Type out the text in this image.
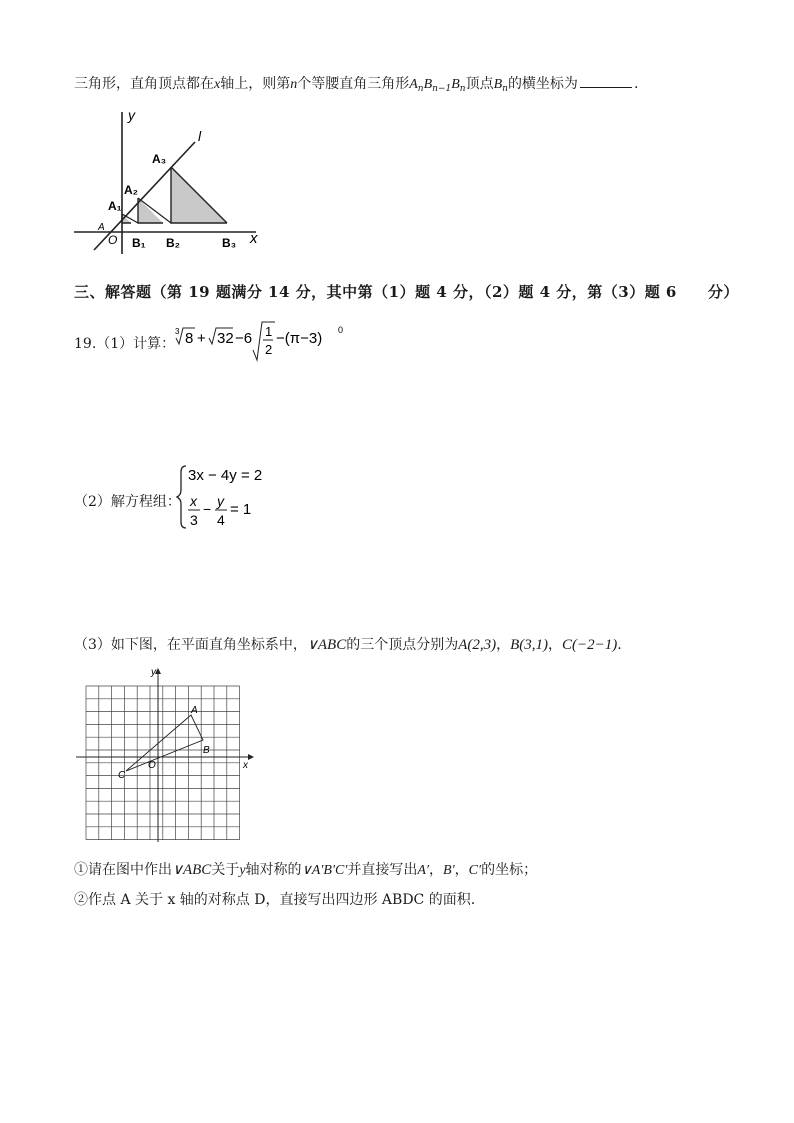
三角形，直角顶点都在x轴上，则第n个等腰直角三角形$A_nB_{n-1}B_n$顶点$B_n$的横坐标为	.
y
x
l
O
A
A₁
A₂
A₃
B₁ B₂	B₃
三、解答题（第 19 题满分 14 分，其中第（1）题 4 分，（2）题 4 分，第（3）题 6　　分）
19.（1）计算：
3 8 + 32 −6 1
2
−(π−3) 0
（2）解方程组：
3x − 4y = 2
x
3
− y
4
= 1
（3）如下图，在平面直角坐标系中，∨ABC的三个顶点分别为A(2,3)，B(3,1)，C(−2−1).
x
y
O
A
B
C
①请在图中作出∨ABC关于y轴对称的∨A′B′C′并直接写出A′，B′，C′的坐标；
②作点 A 关于 x 轴的对称点 D，直接写出四边形 ABDC 的面积.
